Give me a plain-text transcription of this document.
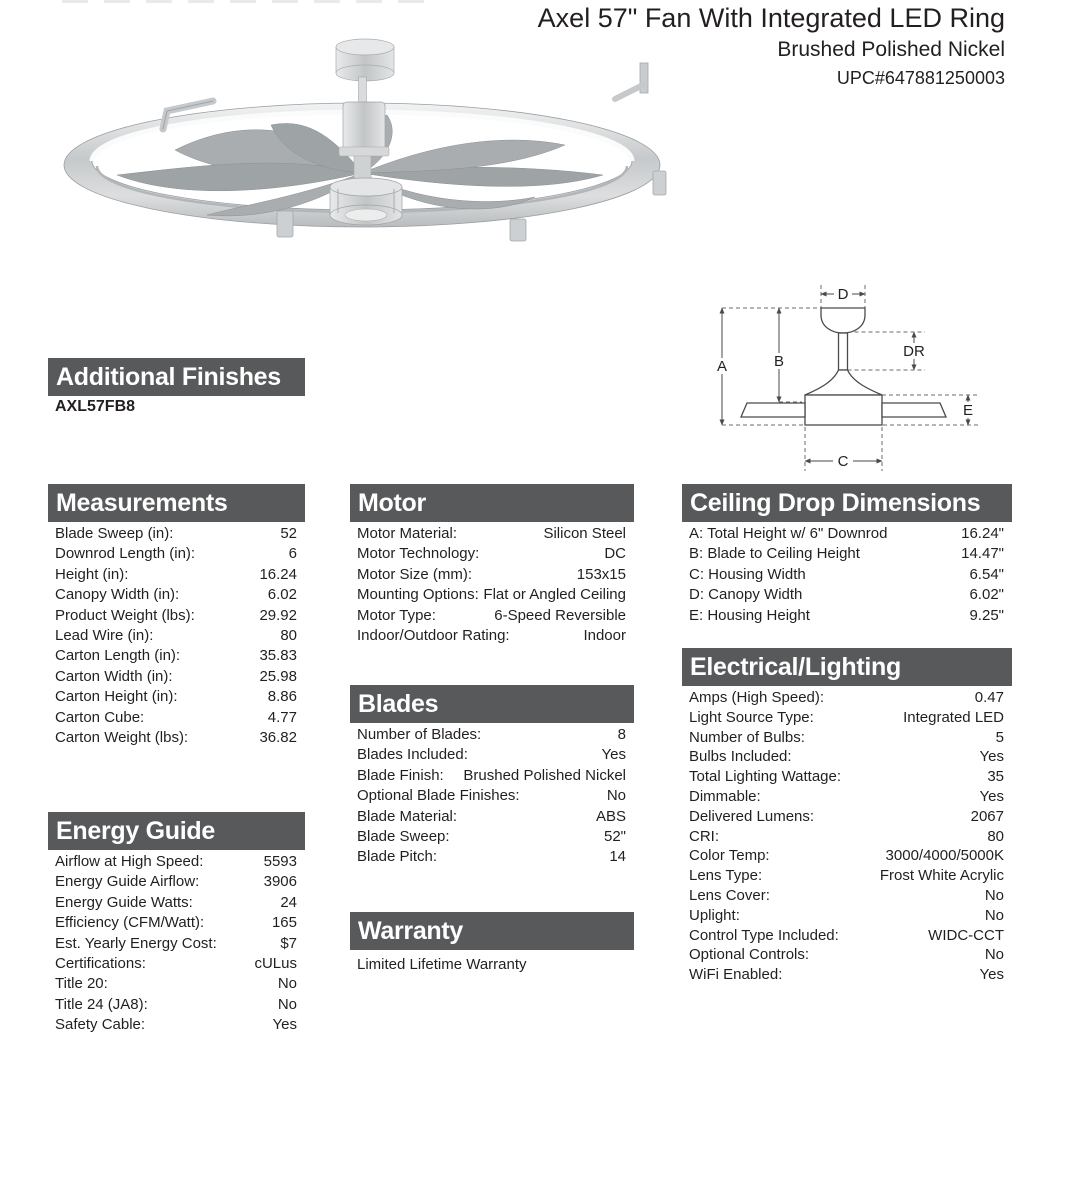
Axel 57" Fan With Integrated LED Ring
Brushed Polished Nickel
UPC#647881250003
A	B
D
DR
E
C
Additional Finishes
AXL57FB8
Measurements
Blade Sweep (in):	52
Downrod Length (in):	6
Height (in):	16.24
Canopy Width (in):	6.02
Product Weight (lbs):	29.92
Lead Wire (in):	80
Carton Length (in):	35.83
Carton Width (in):	25.98
Carton Height (in):	8.86
Carton Cube:	4.77
Carton Weight (lbs):	36.82
Energy Guide
Airflow at High Speed:	5593
Energy Guide Airflow:	3906
Energy Guide Watts:	24
Efficiency (CFM/Watt):	165
Est. Yearly Energy Cost:	$7
Certifications:	cULus
Title 20:	No
Title 24 (JA8):	No
Safety Cable:	Yes
Motor
Motor Material:	Silicon Steel
Motor Technology:	DC
Motor Size (mm):	153x15
Mounting Options: Flat or Angled Ceiling
Motor Type:	6-Speed Reversible
Indoor/Outdoor Rating:	Indoor
Blades
Number of Blades:	8
Blades Included:	Yes
Blade Finish: Brushed Polished Nickel
Optional Blade Finishes:	No
Blade Material:	ABS
Blade Sweep:	52"
Blade Pitch:	14
Warranty
Limited Lifetime Warranty
Ceiling Drop Dimensions
A: Total Height w/ 6" Downrod	16.24"
B: Blade to Ceiling Height	14.47"
C: Housing Width	6.54"
D: Canopy Width	6.02"
E: Housing Height	9.25"
Electrical/Lighting
Amps (High Speed):	0.47
Light Source Type:	Integrated LED
Number of Bulbs:	5
Bulbs Included:	Yes
Total Lighting Wattage:	35
Dimmable:	Yes
Delivered Lumens:	2067
CRI:	80
Color Temp:	3000/4000/5000K
Lens Type:	Frost White Acrylic
Lens Cover:	No
Uplight:	No
Control Type Included:	WIDC-CCT
Optional Controls:	No
WiFi Enabled:	Yes
